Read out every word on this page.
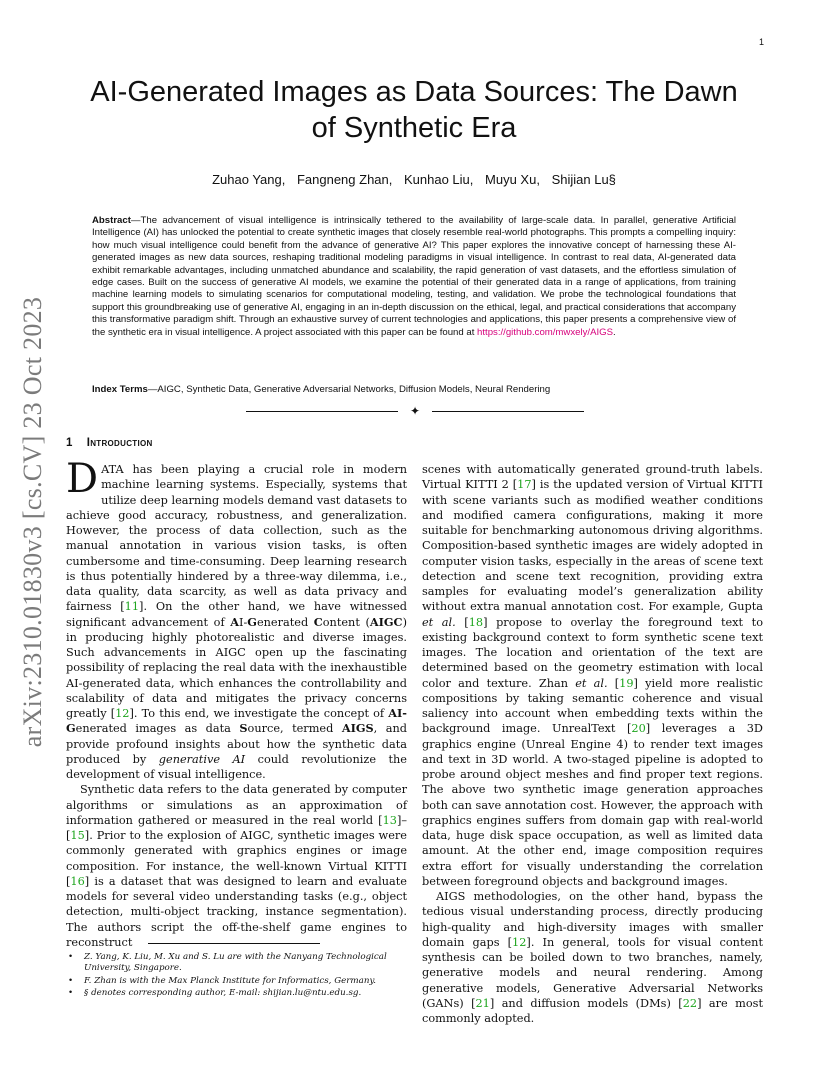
1
arXiv:2310.01830v3 [cs.CV] 23 Oct 2023
AI-Generated Images as Data Sources: The Dawn of Synthetic Era
Zuhao Yang, Fangneng Zhan, Kunhao Liu, Muyu Xu, Shijian Lu§

Abstract—The advancement of visual intelligence is intrinsically tethered to the availability of large-scale data. In parallel, generative Artificial Intelligence (AI) has unlocked the potential to create synthetic images that closely resemble real-world photographs. This prompts a compelling inquiry: how much visual intelligence could benefit from the advance of generative AI? This paper explores the innovative concept of harnessing these AI-generated images as new data sources, reshaping traditional modeling paradigms in visual intelligence. In contrast to real data, AI-generated data exhibit remarkable advantages, including unmatched abundance and scalability, the rapid generation of vast datasets, and the effortless simulation of edge cases. Built on the success of generative AI models, we examine the potential of their generated data in a range of applications, from training machine learning models to simulating scenarios for computational modeling, testing, and validation. We probe the technological foundations that support this groundbreaking use of generative AI, engaging in an in-depth discussion on the ethical, legal, and practical considerations that accompany this transformative paradigm shift. Through an exhaustive survey of current technologies and applications, this paper presents a comprehensive view of the synthetic era in visual intelligence. A project associated with this paper can be found at https://github.com/mwxely/AIGS.

Index Terms—AIGC, Synthetic Data, Generative Adversarial Networks, Diffusion Models, Neural Rendering

✦
1 Introduction

DATA has been playing a crucial role in modern machine learning systems. Especially, systems that utilize deep learning models demand vast datasets to achieve good accuracy, robustness, and generalization. However, the process of data collection, such as the manual annotation in various vision tasks, is often cumbersome and time-consuming. Deep learning research is thus potentially hindered by a three-way dilemma, i.e., data quality, data scarcity, as well as data privacy and fairness [11]. On the other hand, we have witnessed significant advancement of AI-Generated Content (AIGC) in producing highly photorealistic and diverse images. Such advancements in AIGC open up the fascinating possibility of replacing the real data with the inexhaustible AI-generated data, which enhances the controllability and scalability of data and mitigates the privacy concerns greatly [12]. To this end, we investigate the concept of AI-Generated images as data Source, termed AIGS, and provide profound insights about how the synthetic data produced by generative AI could revolutionize the development of visual intelligence.

Synthetic data refers to the data generated by computer algorithms or simulations as an approximation of information gathered or measured in the real world [13]–[15]. Prior to the explosion of AIGC, synthetic images were commonly generated with graphics engines or image composition. For instance, the well-known Virtual KITTI [16] is a dataset that was designed to learn and evaluate models for several video understanding tasks (e.g., object detection, multi-object tracking, instance segmentation). The authors script the off-the-shelf game engines to reconstruct

scenes with automatically generated ground-truth labels. Virtual KITTI 2 [17] is the updated version of Virtual KITTI with scene variants such as modified weather conditions and modified camera configurations, making it more suitable for benchmarking autonomous driving algorithms. Composition-based synthetic images are widely adopted in computer vision tasks, especially in the areas of scene text detection and scene text recognition, providing extra samples for evaluating model’s generalization ability without extra manual annotation cost. For example, Gupta et al. [18] propose to overlay the foreground text to existing background context to form synthetic scene text images. The location and orientation of the text are determined based on the geometry estimation with local color and texture. Zhan et al. [19] yield more realistic compositions by taking semantic coherence and visual saliency into account when embedding texts within the background image. UnrealText [20] leverages a 3D graphics engine (Unreal Engine 4) to render text images and text in 3D world. A two-staged pipeline is adopted to probe around object meshes and find proper text regions. The above two synthetic image generation approaches both can save annotation cost. However, the approach with graphics engines suffers from domain gap with real-world data, huge disk space occupation, as well as limited data amount. At the other end, image composition requires extra effort for visually understanding the correlation between foreground objects and background images.

AIGS methodologies, on the other hand, bypass the tedious visual understanding process, directly producing high-quality and high-diversity images with smaller domain gaps [12]. In general, tools for visual content synthesis can be boiled down to two branches, namely, generative models and neural rendering. Among generative models, Generative Adversarial Networks (GANs) [21] and diffusion models (DMs) [22] are most commonly adopted.

• Z. Yang, K. Liu, M. Xu and S. Lu are with the Nanyang Technological University, Singapore.
• F. Zhan is with the Max Planck Institute for Informatics, Germany.
• § denotes corresponding author, E-mail: shijian.lu@ntu.edu.sg.
